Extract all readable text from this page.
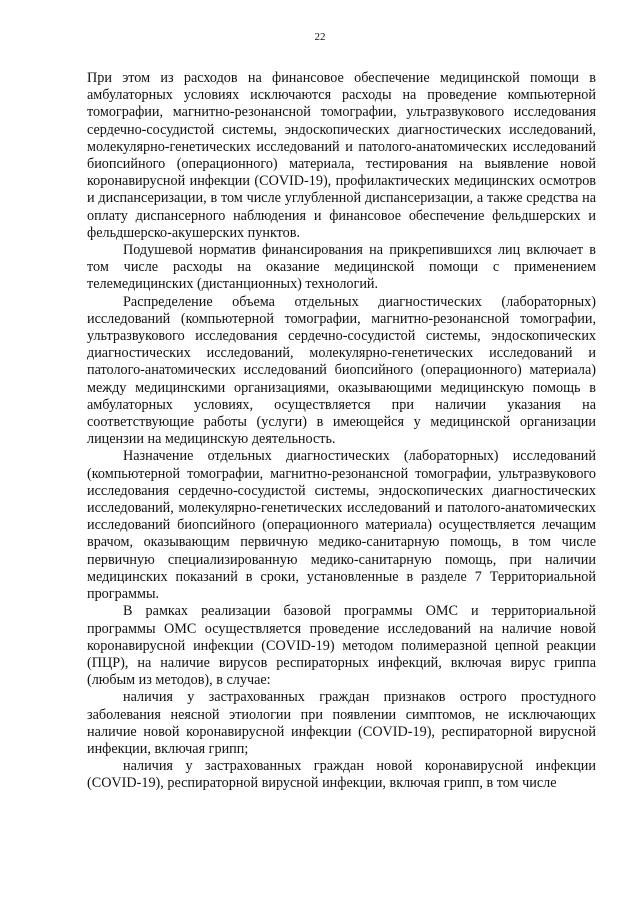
22

При этом из расходов на финансовое обеспечение медицинской помощи в амбулаторных условиях исключаются расходы на проведение компьютерной томографии, магнитно-резонансной томографии, ультразвукового исследования сердечно-сосудистой системы, эндоскопических диагностических исследований, молекулярно-генетических исследований и патолого-анатомических исследований биопсийного (операционного) материала, тестирования на выявление новой коронавирусной инфекции (COVID-19), профилактических медицинских осмотров и диспансеризации, в том числе углубленной диспансеризации, а также средства на оплату диспансерного наблюдения и финансовое обеспечение фельдшерских и фельдшерско-акушерских пунктов.

Подушевой норматив финансирования на прикрепившихся лиц включает в том числе расходы на оказание медицинской помощи с применением телемедицинских (дистанционных) технологий.

Распределение объема отдельных диагностических (лабораторных) исследований (компьютерной томографии, магнитно-резонансной томографии, ультразвукового исследования сердечно-сосудистой системы, эндоскопических диагностических исследований, молекулярно-генетических исследований и патолого-анатомических исследований биопсийного (операционного) материала) между медицинскими организациями, оказывающими медицинскую помощь в амбулаторных условиях, осуществляется при наличии указания на соответствующие работы (услуги) в имеющейся у медицинской организации лицензии на медицинскую деятельность.

Назначение отдельных диагностических (лабораторных) исследований (компьютерной томографии, магнитно-резонансной томографии, ультразвукового исследования сердечно-сосудистой системы, эндоскопических диагностических исследований, молекулярно-генетических исследований и патолого-анатомических исследований биопсийного (операционного материала) осуществляется лечащим врачом, оказывающим первичную медико-санитарную помощь, в том числе первичную специализированную медико-санитарную помощь, при наличии медицинских показаний в сроки, установленные в разделе 7 Территориальной программы.

В рамках реализации базовой программы ОМС и территориальной программы ОМС осуществляется проведение исследований на наличие новой коронавирусной инфекции (COVID-19) методом полимеразной цепной реакции (ПЦР), на наличие вирусов респираторных инфекций, включая вирус гриппа (любым из методов), в случае:

наличия у застрахованных граждан признаков острого простудного заболевания неясной этиологии при появлении симптомов, не исключающих наличие новой коронавирусной инфекции (COVID-19), респираторной вирусной инфекции, включая грипп;

наличия у застрахованных граждан новой коронавирусной инфекции (COVID-19), респираторной вирусной инфекции, включая грипп, в том числе
